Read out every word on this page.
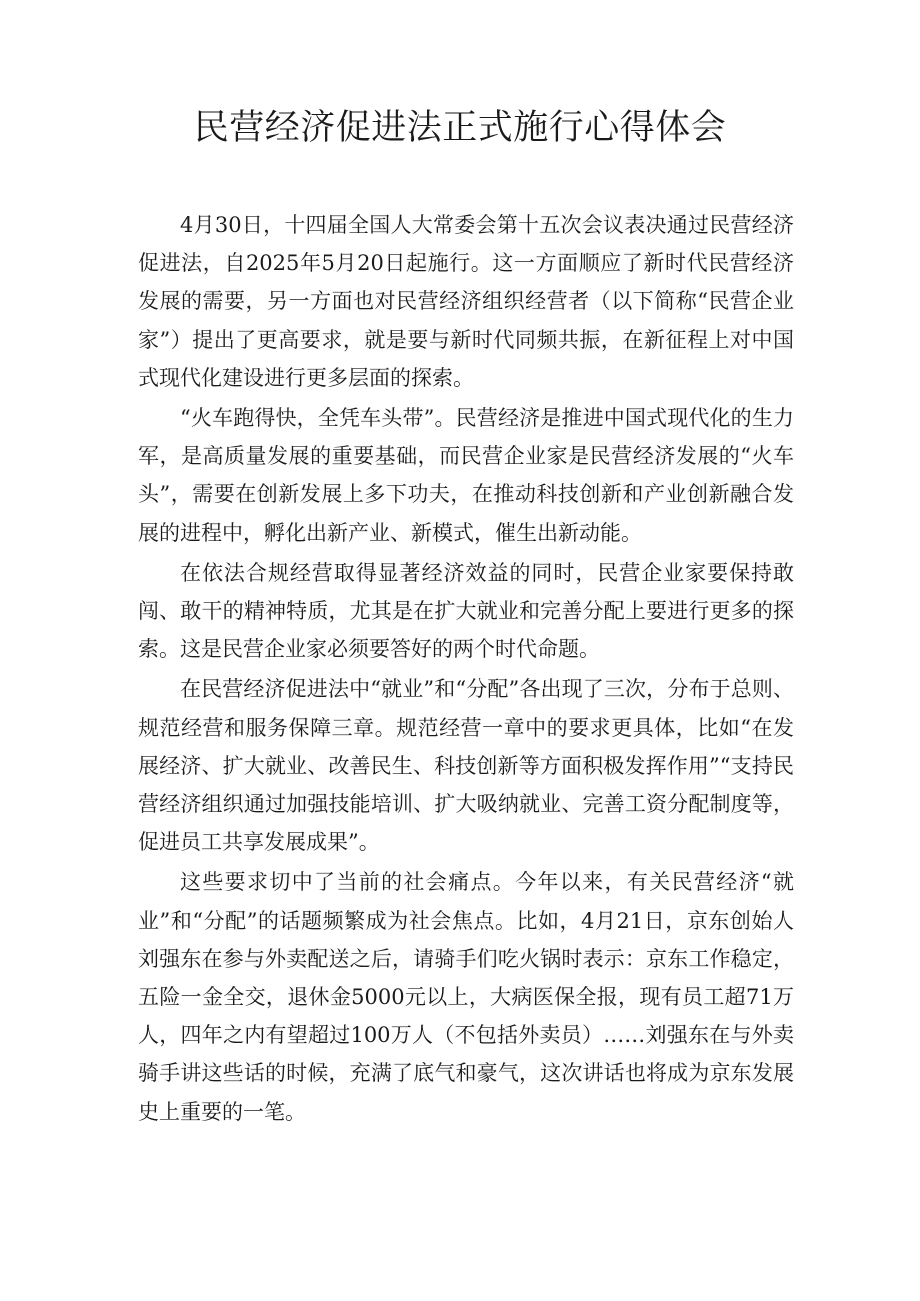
民营经济促进法正式施行心得体会

4月30日，十四届全国人大常委会第十五次会议表决通过民营经济促进法，自2025年5月20日起施行。这一方面顺应了新时代民营经济发展的需要，另一方面也对民营经济组织经营者（以下简称“民营企业家”）提出了更高要求，就是要与新时代同频共振，在新征程上对中国式现代化建设进行更多层面的探索。

“火车跑得快，全凭车头带”。民营经济是推进中国式现代化的生力军，是高质量发展的重要基础，而民营企业家是民营经济发展的“火车头”，需要在创新发展上多下功夫，在推动科技创新和产业创新融合发展的进程中，孵化出新产业、新模式，催生出新动能。

在依法合规经营取得显著经济效益的同时，民营企业家要保持敢闯、敢干的精神特质，尤其是在扩大就业和完善分配上要进行更多的探索。这是民营企业家必须要答好的两个时代命题。

在民营经济促进法中“就业”和“分配”各出现了三次，分布于总则、规范经营和服务保障三章。规范经营一章中的要求更具体，比如“在发展经济、扩大就业、改善民生、科技创新等方面积极发挥作用”“支持民营经济组织通过加强技能培训、扩大吸纳就业、完善工资分配制度等，促进员工共享发展成果”。

这些要求切中了当前的社会痛点。今年以来，有关民营经济“就业”和“分配”的话题频繁成为社会焦点。比如，4月21日，京东创始人刘强东在参与外卖配送之后，请骑手们吃火锅时表示：京东工作稳定，五险一金全交，退休金5000元以上，大病医保全报，现有员工超71万人，四年之内有望超过100万人（不包括外卖员）……刘强东在与外卖骑手讲这些话的时候，充满了底气和豪气，这次讲话也将成为京东发展史上重要的一笔。
